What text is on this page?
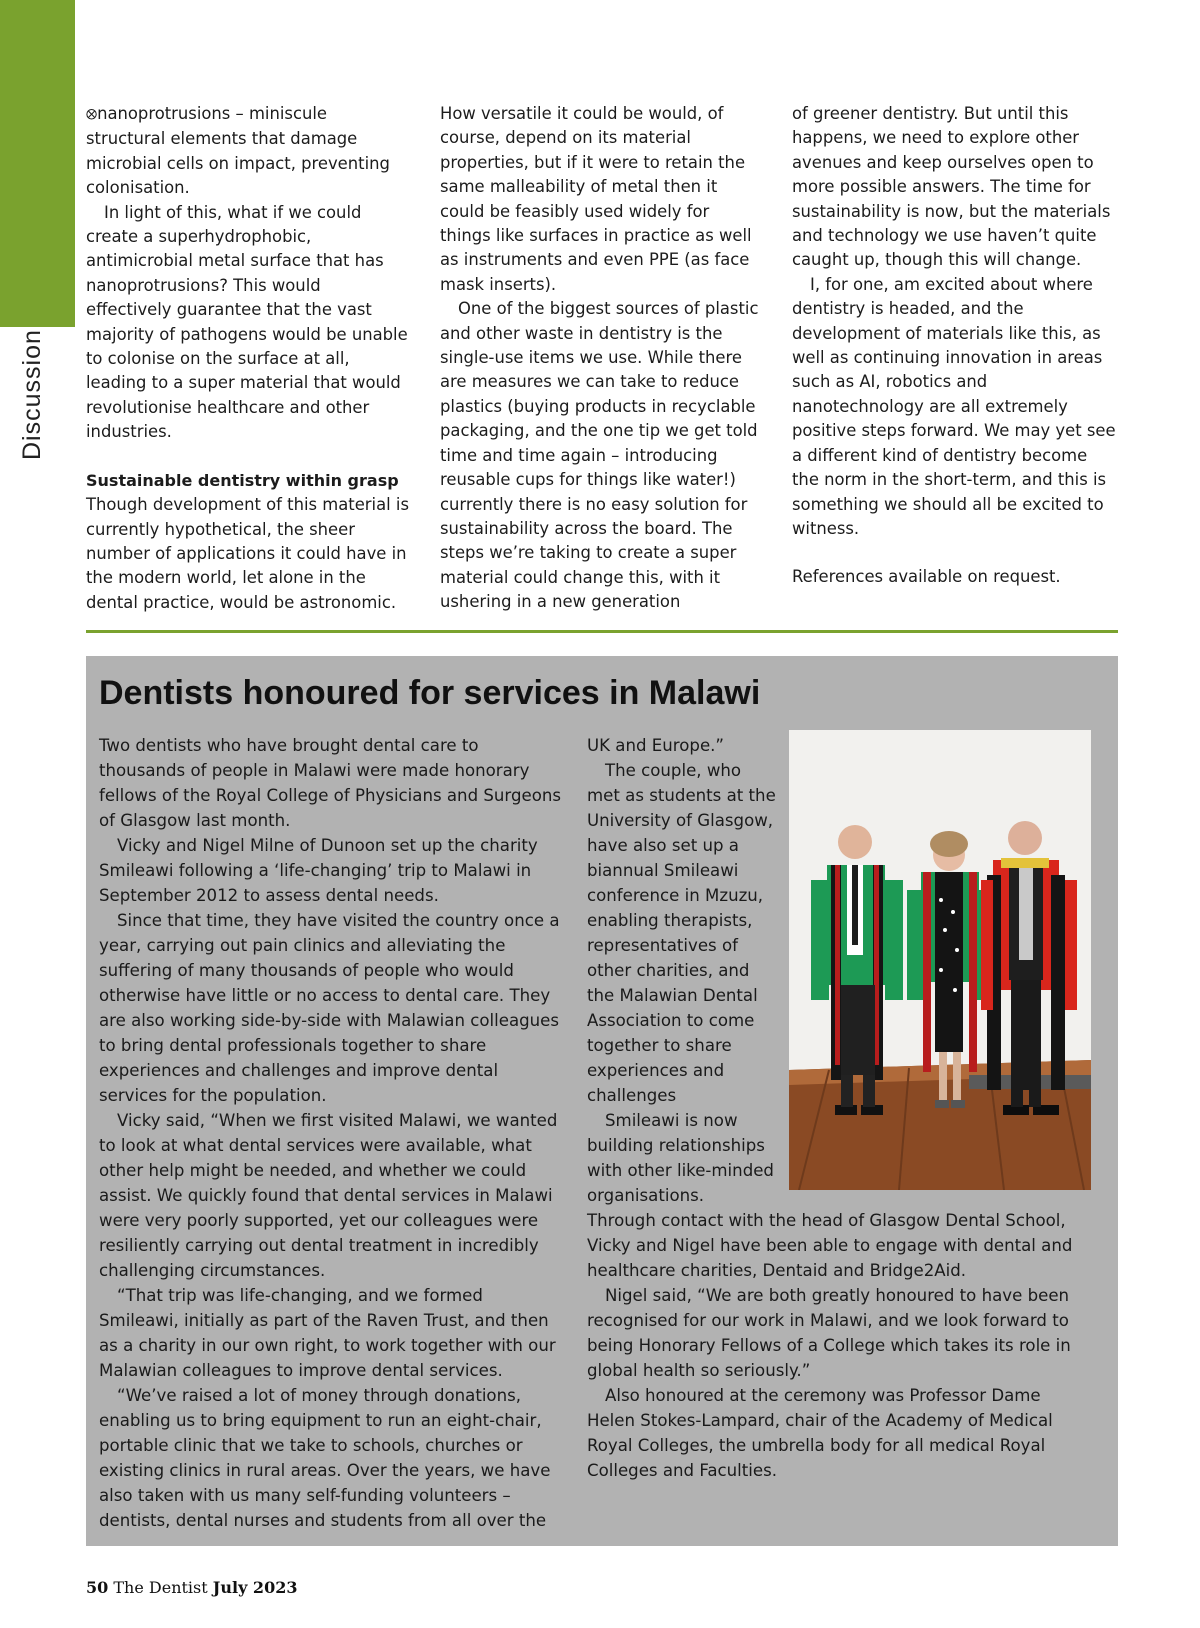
Discussion

⭙nanoprotrusions – miniscule structural elements that damage microbial cells on impact, preventing colonisation.

In light of this, what if we could create a superhydrophobic, antimicrobial metal surface that has nanoprotrusions? This would effectively guarantee that the vast majority of pathogens would be unable to colonise on the surface at all, leading to a super material that would revolutionise healthcare and other industries.

Sustainable dentistry within grasp

Though development of this material is currently hypothetical, the sheer number of applications it could have in the modern world, let alone in the dental practice, would be astronomic.

How versatile it could be would, of course, depend on its material properties, but if it were to retain the same malleability of metal then it could be feasibly used widely for things like surfaces in practice as well as instruments and even PPE (as face mask inserts).

One of the biggest sources of plastic and other waste in dentistry is the single-use items we use. While there are measures we can take to reduce plastics (buying products in recyclable packaging, and the one tip we get told time and time again – introducing reusable cups for things like water!) currently there is no easy solution for sustainability across the board. The steps we’re taking to create a super material could change this, with it ushering in a new generation

of greener dentistry. But until this happens, we need to explore other avenues and keep ourselves open to more possible answers. The time for sustainability is now, but the materials and technology we use haven’t quite caught up, though this will change.

I, for one, am excited about where dentistry is headed, and the development of materials like this, as well as continuing innovation in areas such as AI, robotics and nanotechnology are all extremely positive steps forward. We may yet see a different kind of dentistry become the norm in the short-term, and this is something we should all be excited to witness.

References available on request.

Dentists honoured for services in Malawi

Two dentists who have brought dental care to thousands of people in Malawi were made honorary fellows of the Royal College of Physicians and Surgeons of Glasgow last month.

Vicky and Nigel Milne of Dunoon set up the charity Smileawi following a ‘life-changing’ trip to Malawi in September 2012 to assess dental needs.

Since that time, they have visited the country once a year, carrying out pain clinics and alleviating the suffering of many thousands of people who would otherwise have little or no access to dental care. They are also working side-by-side with Malawian colleagues to bring dental professionals together to share experiences and challenges and improve dental services for the population.

Vicky said, “When we first visited Malawi, we wanted to look at what dental services were available, what other help might be needed, and whether we could assist. We quickly found that dental services in Malawi were very poorly supported, yet our colleagues were resiliently carrying out dental treatment in incredibly challenging circumstances.

“That trip was life-changing, and we formed Smileawi, initially as part of the Raven Trust, and then as a charity in our own right, to work together with our Malawian colleagues to improve dental services.

“We’ve raised a lot of money through donations, enabling us to bring equipment to run an eight-chair, portable clinic that we take to schools, churches or existing clinics in rural areas. Over the years, we have also taken with us many self-funding volunteers – dentists, dental nurses and students from all over the

UK and Europe.”

The couple, who met as students at the University of Glasgow, have also set up a biannual Smileawi conference in Mzuzu, enabling therapists, representatives of other charities, and the Malawian Dental Association to come together to share experiences and challenges

Smileawi is now building relationships with other like-minded organisations. Through contact with the head of Glasgow Dental School, Vicky and Nigel have been able to engage with dental and healthcare charities, Dentaid and Bridge2Aid.

Nigel said, “We are both greatly honoured to have been recognised for our work in Malawi, and we look forward to being Honorary Fellows of a College which takes its role in global health so seriously.”

Also honoured at the ceremony was Professor Dame Helen Stokes-Lampard, chair of the Academy of Medical Royal Colleges, the umbrella body for all medical Royal Colleges and Faculties.

50 The Dentist July 2023
